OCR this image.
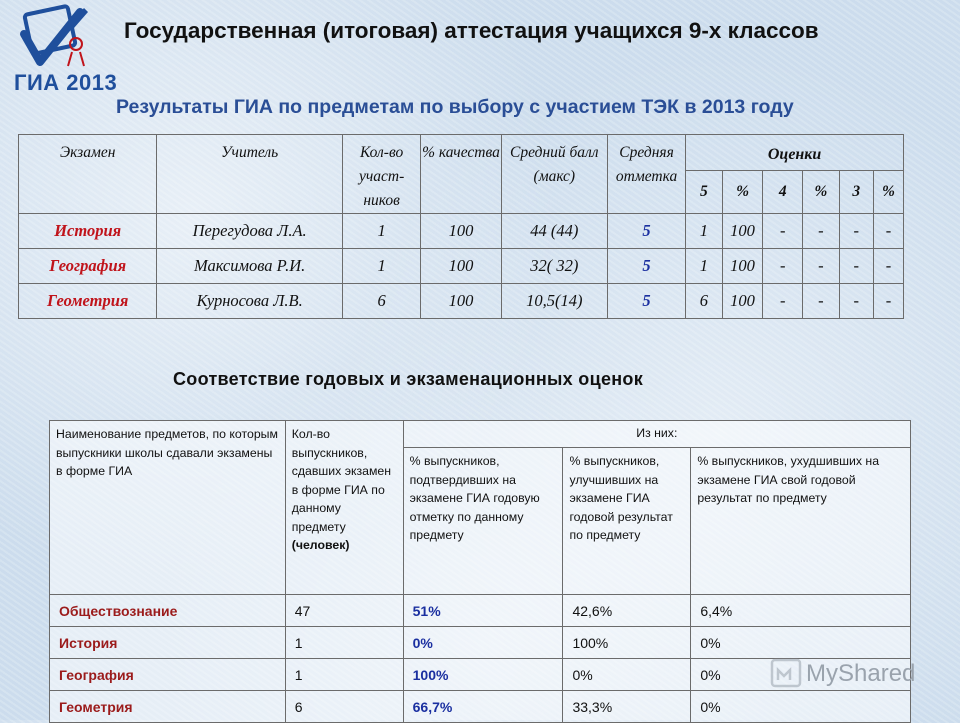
ГИА 2013
Государственная (итоговая) аттестация учащихся 9-х классов
Результаты ГИА по предметам по выбору с участием ТЭК в 2013 году
Экзамен	Учитель	Кол-во участ-ников	% качества	Средний балл (макс)	Средняя отметка	Оценки					
						5	%	4	%	3	%
История	Перегудова Л.А.	1	100	44 (44)	5	1	100	-	-	-	-
География	Максимова Р.И.	1	100	32( 32)	5	1	100	-	-	-	-
Геометрия	Курносова Л.В.	6	100	10,5(14)	5	6	100	-	-	-	-
Соответствие годовых и экзаменационных оценок
Наименование предметов, по которым выпускники школы сдавали экзамены в форме ГИА	Кол-во выпускников, сдавших экзамен в форме ГИА по данному предмету (человек)	Из них:		
		% выпускников, подтвердивших на экзамене ГИА годовую отметку по данному предмету	% выпускников, улучшивших на экзамене ГИА годовой результат по предмету	% выпускников, ухудшивших на экзамене ГИА свой годовой результат по предмету
Обществознание	47	51%	42,6%	6,4%
История	1	0%	100%	0%
География	1	100%	0%	0%
Геометрия	6	66,7%	33,3%	0%
MyShared
